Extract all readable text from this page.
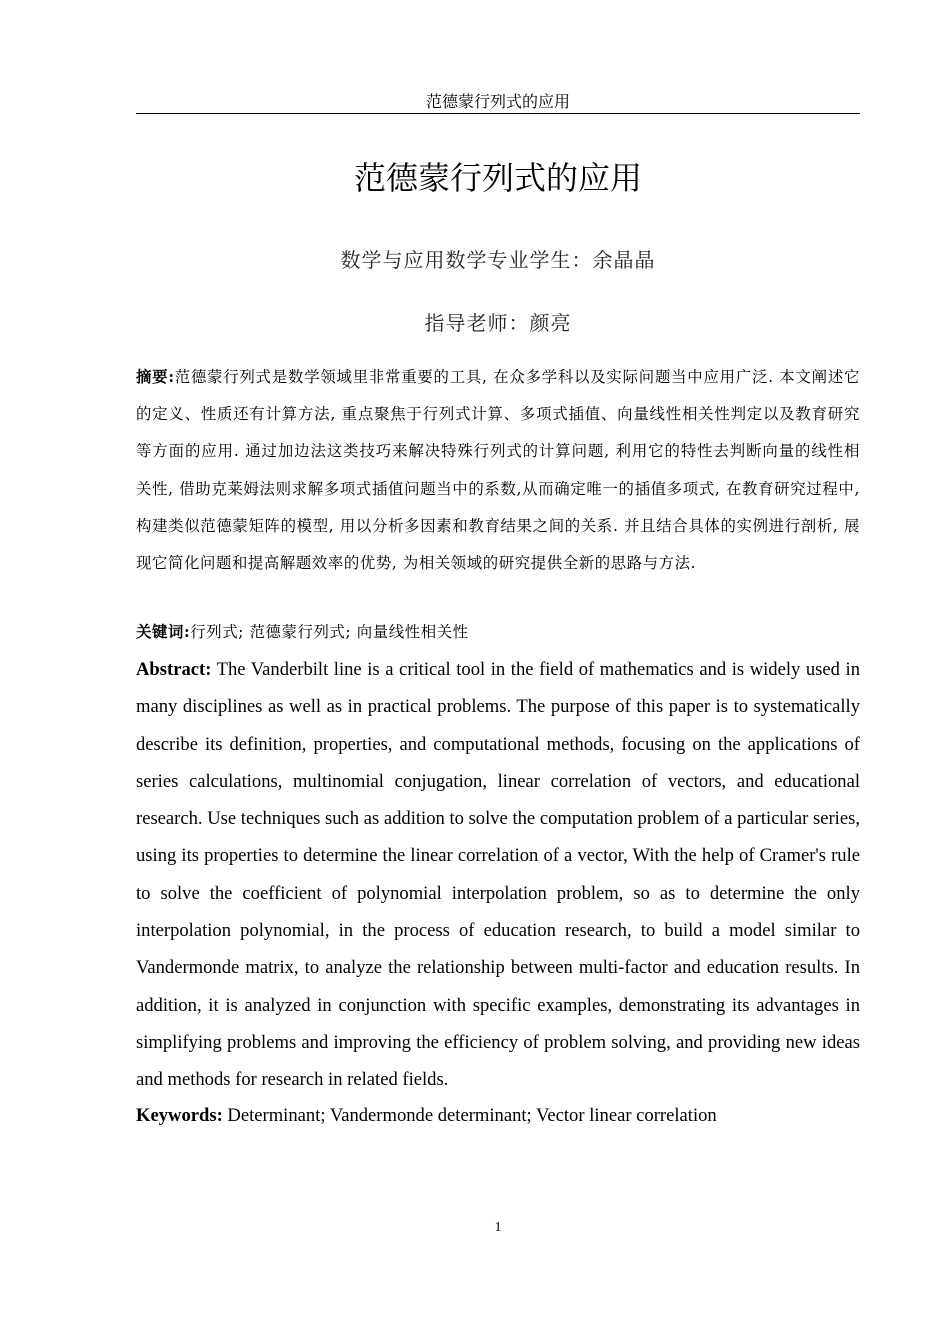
范德蒙行列式的应用
范德蒙行列式的应用
数学与应用数学专业学生：余晶晶
指导老师：颜亮

摘要:范德蒙行列式是数学领域里非常重要的工具, 在众多学科以及实际问题当中应用广泛. 本文阐述它的定义、性质还有计算方法, 重点聚焦于行列式计算、多项式插值、向量线性相关性判定以及教育研究等方面的应用. 通过加边法这类技巧来解决特殊行列式的计算问题, 利用它的特性去判断向量的线性相关性, 借助克莱姆法则求解多项式插值问题当中的系数,从而确定唯一的插值多项式, 在教育研究过程中, 构建类似范德蒙矩阵的模型, 用以分析多因素和教育结果之间的关系. 并且结合具体的实例进行剖析, 展现它简化问题和提高解题效率的优势, 为相关领域的研究提供全新的思路与方法.

关键词:行列式; 范德蒙行列式; 向量线性相关性

Abstract: The Vanderbilt line is a critical tool in the field of mathematics and is widely used in many disciplines as well as in practical problems. The purpose of this paper is to systematically describe its definition, properties, and computational methods, focusing on the applications of series calculations, multinomial conjugation, linear correlation of vectors, and educational research. Use techniques such as addition to solve the computation problem of a particular series, using its properties to determine the linear correlation of a vector, With the help of Cramer's rule to solve the coefficient of polynomial interpolation problem, so as to determine the only interpolation polynomial, in the process of education research, to build a model similar to Vandermonde matrix, to analyze the relationship between multi-factor and education results. In addition, it is analyzed in conjunction with specific examples, demonstrating its advantages in simplifying problems and improving the efficiency of problem solving, and providing new ideas and methods for research in related fields.

Keywords: Determinant; Vandermonde determinant; Vector linear correlation

1
